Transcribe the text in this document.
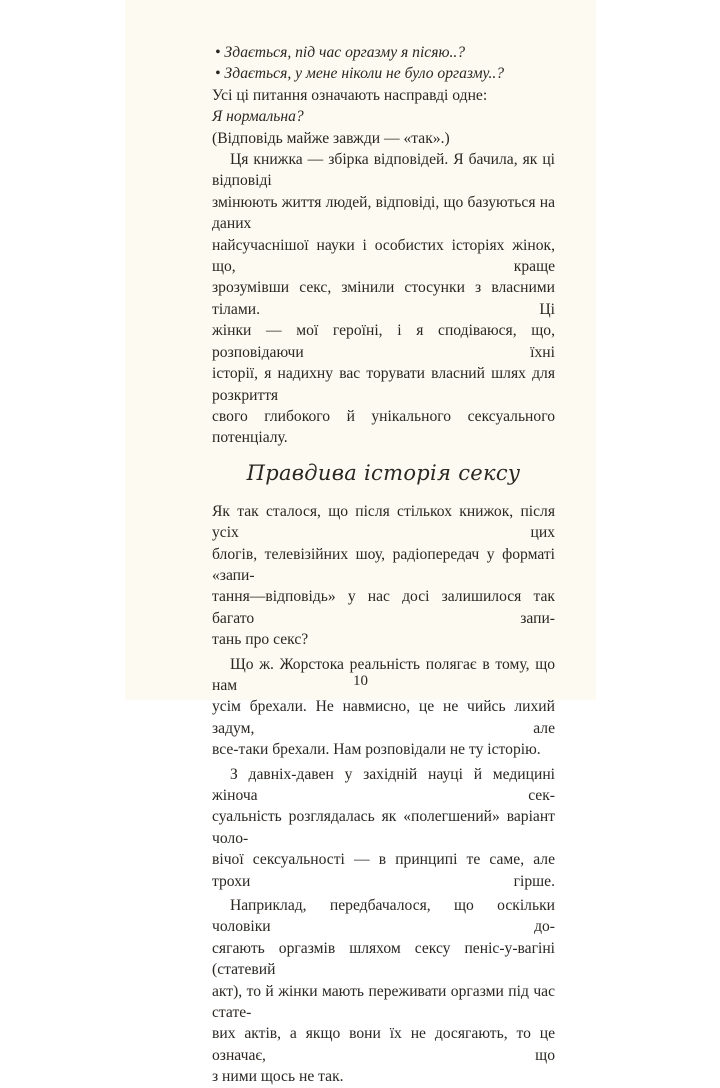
• Здається, під час оргазму я пісяю..?
• Здається, у мене ніколи не було оргазму..?
Усі ці питання означають насправді одне:
Я нормальна?
(Відповідь майже завжди — «так».)
Ця книжка — збірка відповідей. Я бачила, як ці відповіді
змінюють життя людей, відповіді, що базуються на даних
найсучаснішої науки і особистих історіях жінок, що, краще
зрозумівши секс, змінили стосунки з власними тілами. Ці
жінки — мої героїні, і я сподіваюся, що, розповідаючи їхні
історії, я надихну вас торувати власний шлях для розкриття
свого глибокого й унікального сексуального потенціалу.
Правдива історія сексу
Як так сталося, що після стількох книжок, після усіх цих
блогів, телевізійних шоу, радіопередач у форматі «запи-
тання—відповідь» у нас досі залишилося так багато запи-
тань про секс?
Що ж. Жорстока реальність полягає в тому, що нам
усім брехали. Не навмисно, це не чийсь лихий задум, але
все-таки брехали. Нам розповідали не ту історію.
З давніх-давен у західній науці й медицині жіноча сек-
суальність розглядалась як «полегшений» варіант чоло-
вічої сексуальності — в принципі те саме, але трохи гірше.
Наприклад, передбачалося, що оскільки чоловіки до-
сягають оргазмів шляхом сексу пеніс-у-вагіні (статевий
акт), то й жінки мають переживати оргазми під час стате-
вих актів, а якщо вони їх не досягають, то це означає, що
з ними щось не так.
10
